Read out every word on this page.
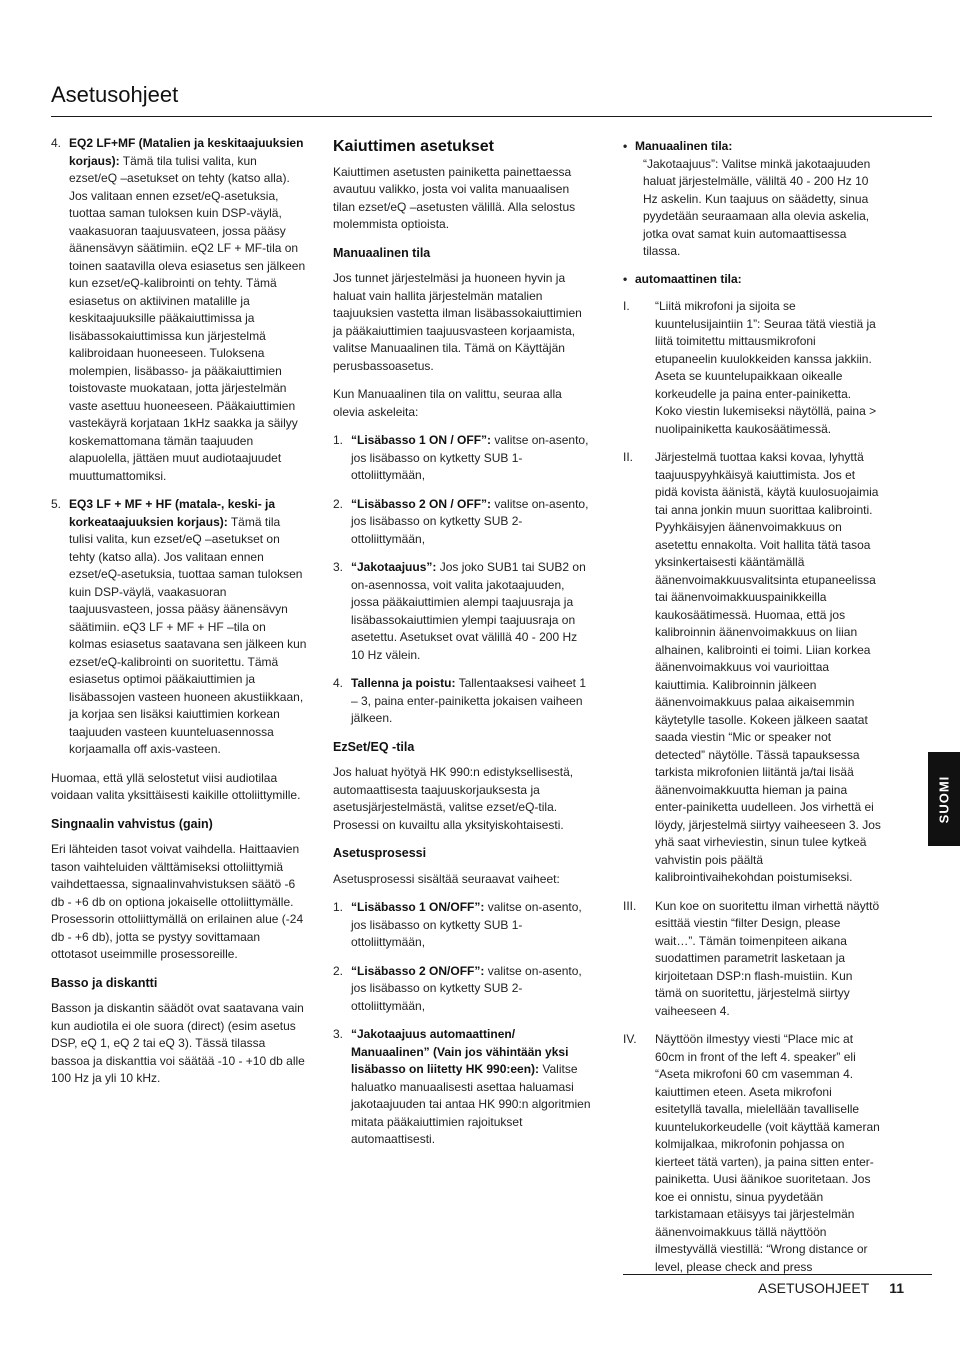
Asetusohjeet
4. EQ2 LF+MF (Matalien ja keskitaajuuksien korjaus): Tämä tila tulisi valita, kun ezset/eQ –asetukset on tehty (katso alla). Jos valitaan ennen ezset/eQ-asetuksia, tuottaa saman tuloksen kuin DSP-väylä, vaakasuoran taajuusvateen, jossa pääsy äänensävyn säätimiin. eQ2 LF + MF-tila on toinen saatavilla oleva esiasetus sen jälkeen kun ezset/eQ-kalibrointi on tehty. Tämä esiasetus on aktiivinen matalille ja keskitaajuuksille pääkaiuttimissa ja lisäbassokaiuttimissa kun järjestelmä kalibroidaan huoneeseen. Tuloksena molempien, lisäbasso- ja pääkaiuttimien toistovaste muokataan, jotta järjestelmän vaste asettuu huoneeseen. Pääkaiuttimien vastekäyrä korjataan 1kHz saakka ja säilyy koskemattomana tämän taajuuden alapuolella, jättäen muut audiotaajuudet muuttumattomiksi.
5. EQ3 LF + MF + HF (matala-, keski- ja korkeataajuuksien korjaus): Tämä tila tulisi valita, kun ezset/eQ –asetukset on tehty (katso alla). Jos valitaan ennen ezset/eQ-asetuksia, tuottaa saman tuloksen kuin DSP-väylä, vaakasuoran taajuusvasteen, jossa pääsy äänensävyn säätimiin. eQ3 LF + MF + HF –tila on kolmas esiasetus saatavana sen jälkeen kun ezset/eQ-kalibrointi on suoritettu. Tämä esiasetus optimoi pääkaiuttimien ja lisäbassojen vasteen huoneen akustiikkaan, ja korjaa sen lisäksi kaiuttimien korkean taajuuden vasteen kuunteluasennossa korjaamalla off axis-vasteen.

Huomaa, että yllä selostetut viisi audiotilaa voidaan valita yksittäisesti kaikille ottoliittymille.

Singnaalin vahvistus (gain)

Eri lähteiden tasot voivat vaihdella. Haittaavien tason vaihteluiden välttämiseksi ottoliittymiä vaihdettaessa, signaalinvahvistuksen säätö -6 db - +6 db on optiona jokaiselle ottoliittymälle. Prosessorin ottoliittymällä on erilainen alue (-24 db - +6 db), jotta se pystyy sovittamaan ottotasot useimmille prosessoreille.

Basso ja diskantti

Basson ja diskantin säädöt ovat saatavana vain kun audiotila ei ole suora (direct) (esim asetus DSP, eQ 1, eQ 2 tai eQ 3). Tässä tilassa bassoa ja diskanttia voi säätää -10 - +10 db alle 100 Hz ja yli 10 kHz.

Kaiuttimen asetukset

Kaiuttimen asetusten painiketta painettaessa avautuu valikko, josta voi valita manuaalisen tilan ezset/eQ –asetusten välillä. Alla selostus molemmista optioista.

Manuaalinen tila

Jos tunnet järjestelmäsi ja huoneen hyvin ja haluat vain hallita järjestelmän matalien taajuuksien vastetta ilman lisäbassokaiuttimien ja pääkaiuttimien taajuusvasteen korjaamista, valitse Manuaalinen tila. Tämä on Käyttäjän perusbassoasetus.

Kun Manuaalinen tila on valittu, seuraa alla olevia askeleita:

1. “Lisäbasso 1 ON / OFF”: valitse on-asento, jos lisäbasso on kytketty SUB 1-ottoliittymään,
2. “Lisäbasso 2 ON / OFF”: valitse on-asento, jos lisäbasso on kytketty SUB 2-ottoliittymään,
3. “Jakotaajuus”: Jos joko SUB1 tai SUB2 on on-asennossa, voit valita jakotaajuuden, jossa pääkaiuttimien alempi taajuusraja ja lisäbassokaiuttimien ylempi taajuusraja on asetettu. Asetukset ovat välillä 40 - 200 Hz 10 Hz välein.
4. Tallenna ja poistu: Tallentaaksesi vaiheet 1 – 3, paina enter-painiketta jokaisen vaiheen jälkeen.
EzSet/EQ -tila

Jos haluat hyötyä HK 990:n edistyksellisestä, automaattisesta taajuuskorjauksesta ja asetusjärjestelmästä, valitse ezset/eQ-tila. Prosessi on kuvailtu alla yksityiskohtaisesti.

Asetusprosessi

Asetusprosessi sisältää seuraavat vaiheet:

1. “Lisäbasso 1 ON/OFF”: valitse on-asento, jos lisäbasso on kytketty SUB 1-ottoliittymään,
2. “Lisäbasso 2 ON/OFF”: valitse on-asento, jos lisäbasso on kytketty SUB 2-ottoliittymään,
3. “Jakotaajuus automaattinen/ Manuaalinen” (Vain jos vähintään yksi lisäbasso on liitetty HK 990:een): Valitse haluatko manuaalisesti asettaa haluamasi jakotaajuuden tai antaa HK 990:n algoritmien mitata pääkaiuttimien rajoitukset automaattisesti.
• Manuaalinen tila:
“Jakotaajuus”: Valitse minkä jakotaajuuden haluat järjestelmälle, väliltä 40 - 200 Hz 10 Hz askelin. Kun taajuus on säädetty, sinua pyydetään seuraamaan alla olevia askelia, jotka ovat samat kuin automaattisessa tilassa.
• automaattinen tila:
I. “Liitä mikrofoni ja sijoita se kuuntelusijaintiin 1”: Seuraa tätä viestiä ja liitä toimitettu mittausmikrofoni etupaneelin kuulokkeiden kanssa jakkiin. Aseta se kuuntelupaikkaan oikealle korkeudelle ja paina enter-painiketta. Koko viestin lukemiseksi näytöllä, paina > nuolipainiketta kaukosäätimessä.
II. Järjestelmä tuottaa kaksi kovaa, lyhyttä taajuuspyyhkäisyä kaiuttimista. Jos et pidä kovista äänistä, käytä kuulosuojaimia tai anna jonkin muun suorittaa kalibrointi. Pyyhkäisyjen äänenvoimakkuus on asetettu ennakolta. Voit hallita tätä tasoa yksinkertaisesti kääntämällä äänenvoimakkuusvalitsinta etupaneelissa tai äänenvoimakkuuspainikkeilla kaukosäätimessä. Huomaa, että jos kalibroinnin äänenvoimakkuus on liian alhainen, kalibrointi ei toimi. Liian korkea äänenvoimakkuus voi vaurioittaa kaiuttimia. Kalibroinnin jälkeen äänenvoimakkuus palaa aikaisemmin käytetylle tasolle. Kokeen jälkeen saatat saada viestin “Mic or speaker not detected” näytölle. Tässä tapauksessa tarkista mikrofonien liitäntä ja/tai lisää äänenvoimakkuutta hieman ja paina enter-painiketta uudelleen. Jos virhettä ei löydy, järjestelmä siirtyy vaiheeseen 3. Jos yhä saat virheviestin, sinun tulee kytkeä vahvistin pois päältä kalibrointivaihekohdan poistumiseksi.
III. Kun koe on suoritettu ilman virhettä näyttö esittää viestin “filter Design, please wait…”. Tämän toimenpiteen aikana suodattimen parametrit lasketaan ja kirjoitetaan DSP:n flash-muistiin. Kun tämä on suoritettu, järjestelmä siirtyy vaiheeseen 4.
IV. Näyttöön ilmestyy viesti “Place mic at 60cm in front of the left 4. speaker” eli “Aseta mikrofoni 60 cm vasemman 4. kaiuttimen eteen. Aseta mikrofoni esitetyllä tavalla, mielellään tavalliselle kuuntelukorkeudelle (voit käyttää kameran kolmijalkaa, mikrofonin pohjassa on kierteet tätä varten), ja paina sitten enter-painiketta. Uusi äänikoe suoritetaan. Jos koe ei onnistu, sinua pyydetään tarkistamaan etäisyys tai järjestelmän äänenvoimakkuus tällä näyttöön ilmestyvällä viestillä: “Wrong distance or level, please check and press
SUOMI
ASETUSOHJEET 11
